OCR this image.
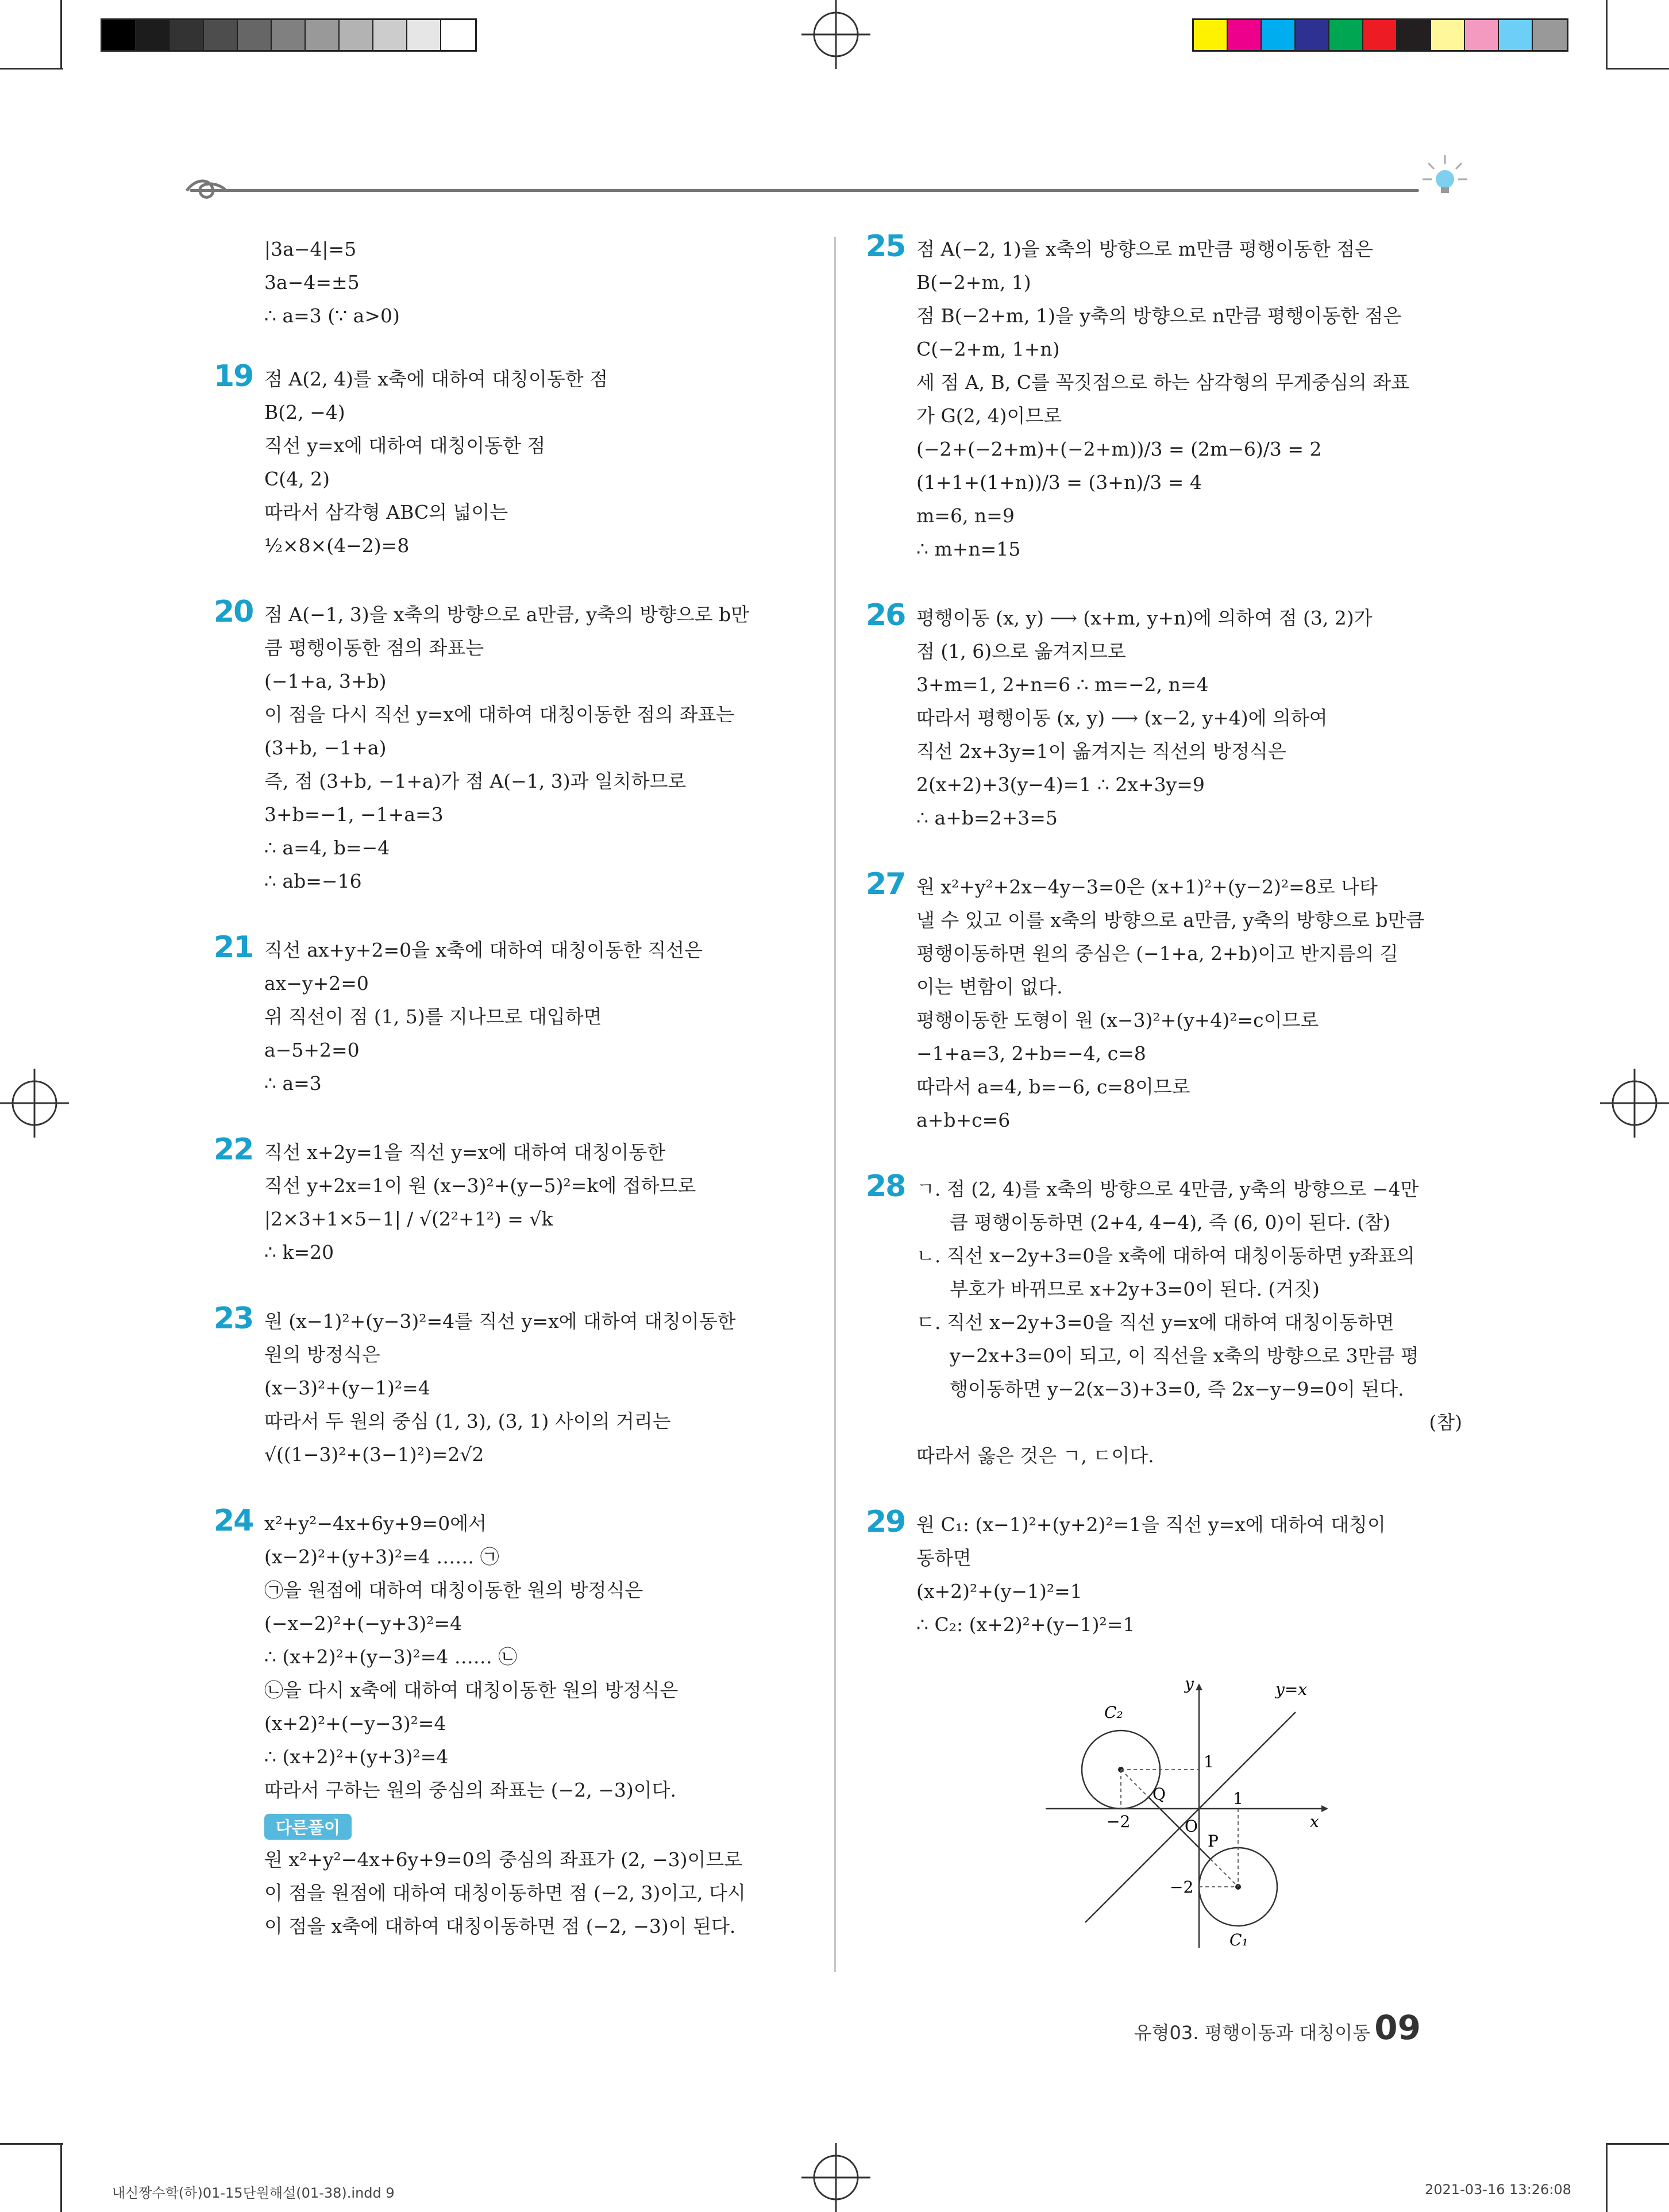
|3a−4|=5
3a−4=±5
∴ a=3 (∵ a>0)
19 점 A(2, 4)를 x축에 대하여 대칭이동한 점
B(2, −4)
직선 y=x에 대하여 대칭이동한 점
C(4, 2)
따라서 삼각형 ABC의 넓이는
½×8×(4−2)=8
20 점 A(−1, 3)을 x축의 방향으로 a만큼, y축의 방향으로 b만
큼 평행이동한 점의 좌표는
(−1+a, 3+b)
이 점을 다시 직선 y=x에 대하여 대칭이동한 점의 좌표는
(3+b, −1+a)
즉, 점 (3+b, −1+a)가 점 A(−1, 3)과 일치하므로
3+b=−1, −1+a=3
∴ a=4, b=−4
∴ ab=−16
21 직선 ax+y+2=0을 x축에 대하여 대칭이동한 직선은
ax−y+2=0
위 직선이 점 (1, 5)를 지나므로 대입하면
a−5+2=0
∴ a=3
22 직선 x+2y=1을 직선 y=x에 대하여 대칭이동한
직선 y+2x=1이 원 (x−3)²+(y−5)²=k에 접하므로
|2×3+1×5−1| / √(2²+1²) = √k
∴ k=20
23 원 (x−1)²+(y−3)²=4를 직선 y=x에 대하여 대칭이동한
원의 방정식은
(x−3)²+(y−1)²=4
따라서 두 원의 중심 (1, 3), (3, 1) 사이의 거리는
√((1−3)²+(3−1)²)=2√2
24 x²+y²−4x+6y+9=0에서
(x−2)²+(y+3)²=4 …… ㉠
㉠을 원점에 대하여 대칭이동한 원의 방정식은
(−x−2)²+(−y+3)²=4
∴ (x+2)²+(y−3)²=4 …… ㉡
㉡을 다시 x축에 대하여 대칭이동한 원의 방정식은
(x+2)²+(−y−3)²=4
∴ (x+2)²+(y+3)²=4
따라서 구하는 원의 중심의 좌표는 (−2, −3)이다.
다른풀이
원 x²+y²−4x+6y+9=0의 중심의 좌표가 (2, −3)이므로
이 점을 원점에 대하여 대칭이동하면 점 (−2, 3)이고, 다시
이 점을 x축에 대하여 대칭이동하면 점 (−2, −3)이 된다.
25 점 A(−2, 1)을 x축의 방향으로 m만큼 평행이동한 점은
B(−2+m, 1)
점 B(−2+m, 1)을 y축의 방향으로 n만큼 평행이동한 점은
C(−2+m, 1+n)
세 점 A, B, C를 꼭짓점으로 하는 삼각형의 무게중심의 좌표
가 G(2, 4)이므로
(−2+(−2+m)+(−2+m))/3 = (2m−6)/3 = 2
(1+1+(1+n))/3 = (3+n)/3 = 4
m=6, n=9
∴ m+n=15
26 평행이동 (x, y) ⟶ (x+m, y+n)에 의하여 점 (3, 2)가
점 (1, 6)으로 옮겨지므로
3+m=1, 2+n=6 ∴ m=−2, n=4
따라서 평행이동 (x, y) ⟶ (x−2, y+4)에 의하여
직선 2x+3y=1이 옮겨지는 직선의 방정식은
2(x+2)+3(y−4)=1 ∴ 2x+3y=9
∴ a+b=2+3=5
27 원 x²+y²+2x−4y−3=0은 (x+1)²+(y−2)²=8로 나타
낼 수 있고 이를 x축의 방향으로 a만큼, y축의 방향으로 b만큼
평행이동하면 원의 중심은 (−1+a, 2+b)이고 반지름의 길
이는 변함이 없다.
평행이동한 도형이 원 (x−3)²+(y+4)²=c이므로
−1+a=3, 2+b=−4, c=8
따라서 a=4, b=−6, c=8이므로
a+b+c=6
28 ㄱ. 점 (2, 4)를 x축의 방향으로 4만큼, y축의 방향으로 −4만
큼 평행이동하면 (2+4, 4−4), 즉 (6, 0)이 된다. (참)
ㄴ. 직선 x−2y+3=0을 x축에 대하여 대칭이동하면 y좌표의
부호가 바뀌므로 x+2y+3=0이 된다. (거짓)
ㄷ. 직선 x−2y+3=0을 직선 y=x에 대하여 대칭이동하면
y−2x+3=0이 되고, 이 직선을 x축의 방향으로 3만큼 평
행이동하면 y−2(x−3)+3=0, 즉 2x−y−9=0이 된다.
(참)
따라서 옳은 것은 ㄱ, ㄷ이다.
29 원 C₁: (x−1)²+(y+2)²=1을 직선 y=x에 대하여 대칭이
동하면
(x+2)²+(y−1)²=1
∴ C₂: (x+2)²+(y−1)²=1
y
x
y=x
C₂
C₁
O
P
Q
1
1
−2
−2
유형03. 평행이동과 대칭이동 09
내신짱수학(하)01-15단원해설(01-38).indd 9	2021-03-16 13:26:08
